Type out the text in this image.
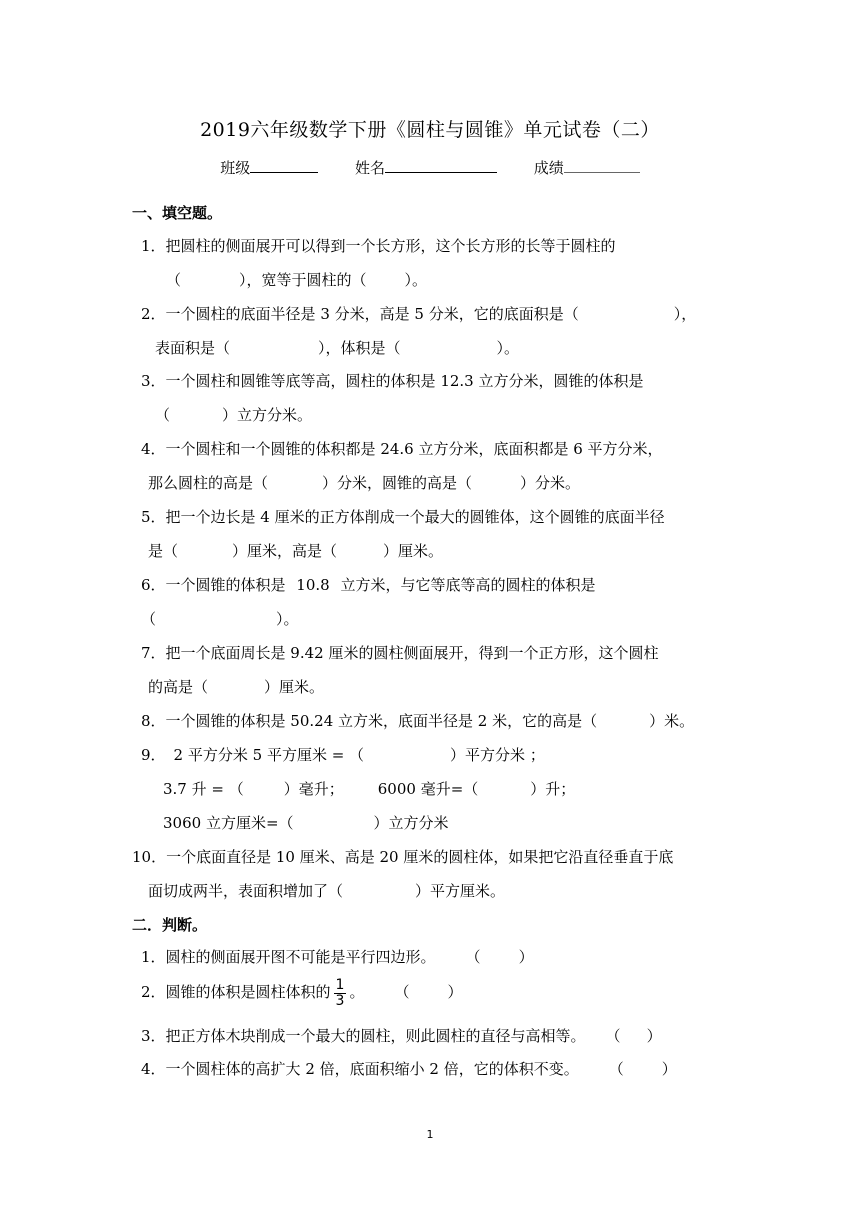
2019六年级数学下册《圆柱与圆锥》单元试卷（二）
班级	姓名	成绩
一、填空题。
1．把圆柱的侧面展开可以得到一个长方形，这个长方形的长等于圆柱的
（	），宽等于圆柱的（	）。
2．一个圆柱的底面半径是 3 分米，高是 5 分米，它的底面积是（	），
表面积是（	），体积是（	）。
3．一个圆柱和圆锥等底等高，圆柱的体积是 12.3 立方分米，圆锥的体积是
（	）立方分米。
4．一个圆柱和一个圆锥的体积都是 24.6 立方分米，底面积都是 6 平方分米，
那么圆柱的高是（	）分米，圆锥的高是（	）分米。
5．把一个边长是 4 厘米的正方体削成一个最大的圆锥体，这个圆锥的底面半径
是（	）厘米，高是（	）厘米。
6．一个圆锥的体积是 10.8 立方米，与它等底等高的圆柱的体积是
（	）。
7．把一个底面周长是 9.42 厘米的圆柱侧面展开，得到一个正方形，这个圆柱
的高是（	）厘米。
8．一个圆锥的体积是 50.24 立方米，底面半径是 2 米，它的高是（	）米。
9． 2 平方分米 5 平方厘米 = （	）平方分米 ；
3.7 升 = （	）毫升； 6000 毫升=（	）升；
3060 立方厘米=（	）立方分米
10．一个底面直径是 10 厘米、高是 20 厘米的圆柱体，如果把它沿直径垂直于底
面切成两半，表面积增加了（	）平方厘米。
二．判断。
1．圆柱的侧面展开图不可能是平行四边形。 （	）
2．圆锥的体积是圆柱体积的 $\frac{1}{3}$ 。 （	）
3．把正方体木块削成一个最大的圆柱，则此圆柱的直径与高相等。 （ ）
4．一个圆柱体的高扩大 2 倍，底面积缩小 2 倍，它的体积不变。 （	）
1
